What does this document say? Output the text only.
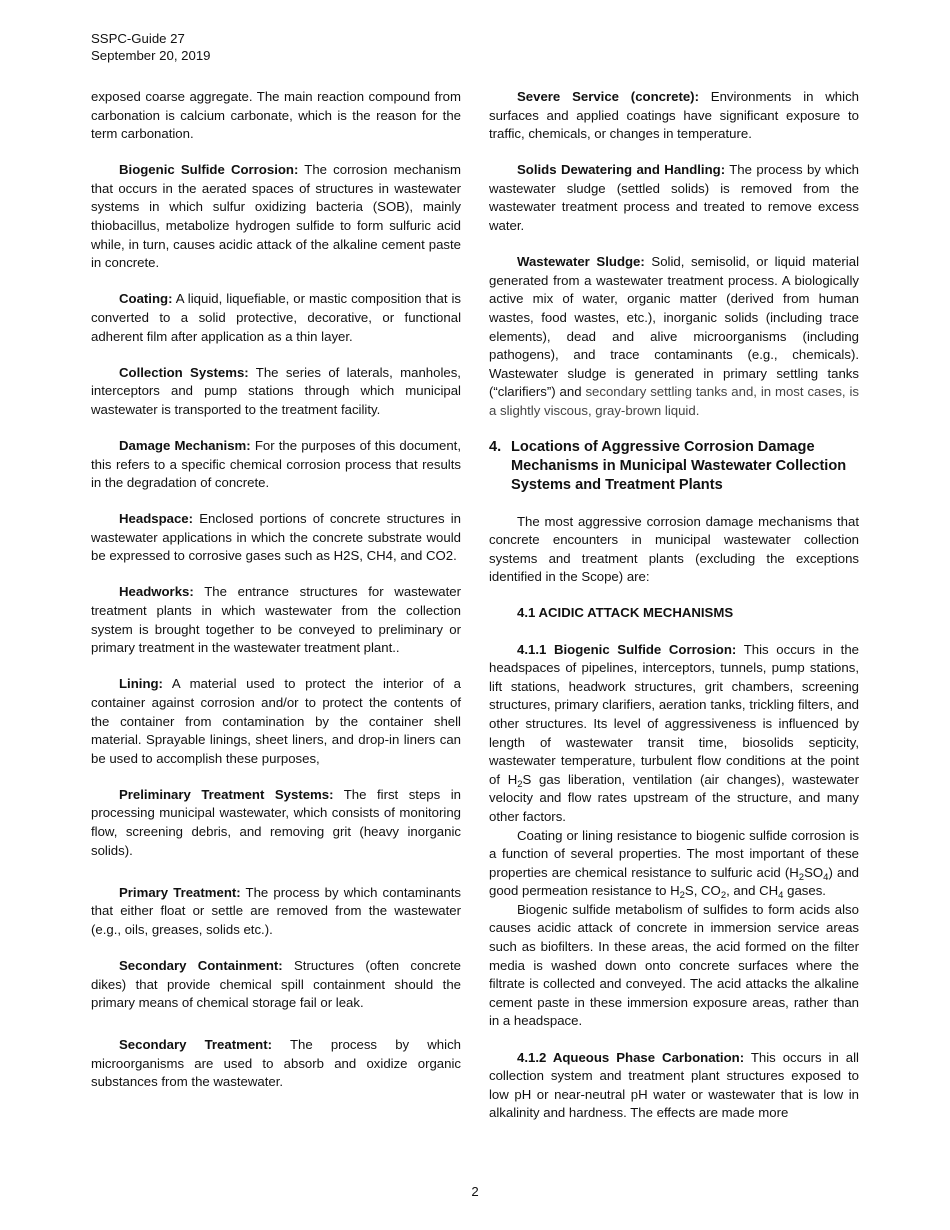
SSPC-Guide 27
September 20, 2019

exposed coarse aggregate. The main reaction compound from carbonation is calcium carbonate, which is the reason for the term carbonation.

Biogenic Sulfide Corrosion: The corrosion mechanism that occurs in the aerated spaces of structures in wastewater systems in which sulfur oxidizing bacteria (SOB), mainly thiobacillus, metabolize hydrogen sulfide to form sulfuric acid while, in turn, causes acidic attack of the alkaline cement paste in concrete.

Coating: A liquid, liquefiable, or mastic composition that is converted to a solid protective, decorative, or functional adherent film after application as a thin layer.

Collection Systems: The series of laterals, manholes, interceptors and pump stations through which municipal wastewater is transported to the treatment facility.

Damage Mechanism: For the purposes of this document, this refers to a specific chemical corrosion process that results in the degradation of concrete.

Headspace: Enclosed portions of concrete structures in wastewater applications in which the concrete substrate would be expressed to corrosive gases such as H2S, CH4, and CO2.

Headworks: The entrance structures for wastewater treatment plants in which wastewater from the collection system is brought together to be conveyed to preliminary or primary treatment in the wastewater treatment plant..

Lining: A material used to protect the interior of a container against corrosion and/or to protect the contents of the container from contamination by the container shell material. Sprayable linings, sheet liners, and drop-in liners can be used to accomplish these purposes,

Preliminary Treatment Systems: The first steps in processing municipal wastewater, which consists of monitoring flow, screening debris, and removing grit (heavy inorganic solids).

Primary Treatment: The process by which contaminants that either float or settle are removed from the wastewater (e.g., oils, greases, solids etc.).

Secondary Containment: Structures (often concrete dikes) that provide chemical spill containment should the primary means of chemical storage fail or leak.

Secondary Treatment: The process by which microorganisms are used to absorb and oxidize organic substances from the wastewater.

Severe Service (concrete): Environments in which surfaces and applied coatings have significant exposure to traffic, chemicals, or changes in temperature.

Solids Dewatering and Handling: The process by which wastewater sludge (settled solids) is removed from the wastewater treatment process and treated to remove excess water.

Wastewater Sludge: Solid, semisolid, or liquid material generated from a wastewater treatment process. A biologically active mix of water, organic matter (derived from human wastes, food wastes, etc.), inorganic solids (including trace elements), dead and alive microorganisms (including pathogens), and trace contaminants (e.g., chemicals). Wastewater sludge is generated in primary settling tanks (“clarifiers”) and secondary settling tanks and, in most cases, is a slightly viscous, gray-brown liquid.

4. Locations of Aggressive Corrosion Damage Mechanisms in Municipal Wastewater Collection Systems and Treatment Plants

The most aggressive corrosion damage mechanisms that concrete encounters in municipal wastewater collection systems and treatment plants (excluding the exceptions identified in the Scope) are:

4.1 ACIDIC ATTACK MECHANISMS

4.1.1 Biogenic Sulfide Corrosion: This occurs in the headspaces of pipelines, interceptors, tunnels, pump stations, lift stations, headwork structures, grit chambers, screening structures, primary clarifiers, aeration tanks, trickling filters, and other structures. Its level of aggressiveness is influenced by length of wastewater transit time, biosolids septicity, wastewater temperature, turbulent flow conditions at the point of $H_2S$ gas liberation, ventilation (air changes), wastewater velocity and flow rates upstream of the structure, and many other factors.

Coating or lining resistance to biogenic sulfide corrosion is a function of several properties. The most important of these properties are chemical resistance to sulfuric acid $(H_2SO_4)$ and good permeation resistance to $H_2S$, $CO_2$, and $CH_4$ gases.

Biogenic sulfide metabolism of sulfides to form acids also causes acidic attack of concrete in immersion service areas such as biofilters. In these areas, the acid formed on the filter media is washed down onto concrete surfaces where the filtrate is collected and conveyed. The acid attacks the alkaline cement paste in these immersion exposure areas, rather than in a headspace.

4.1.2 Aqueous Phase Carbonation: This occurs in all collection system and treatment plant structures exposed to low pH or near-neutral pH water or wastewater that is low in alkalinity and hardness. The effects are made more

2
